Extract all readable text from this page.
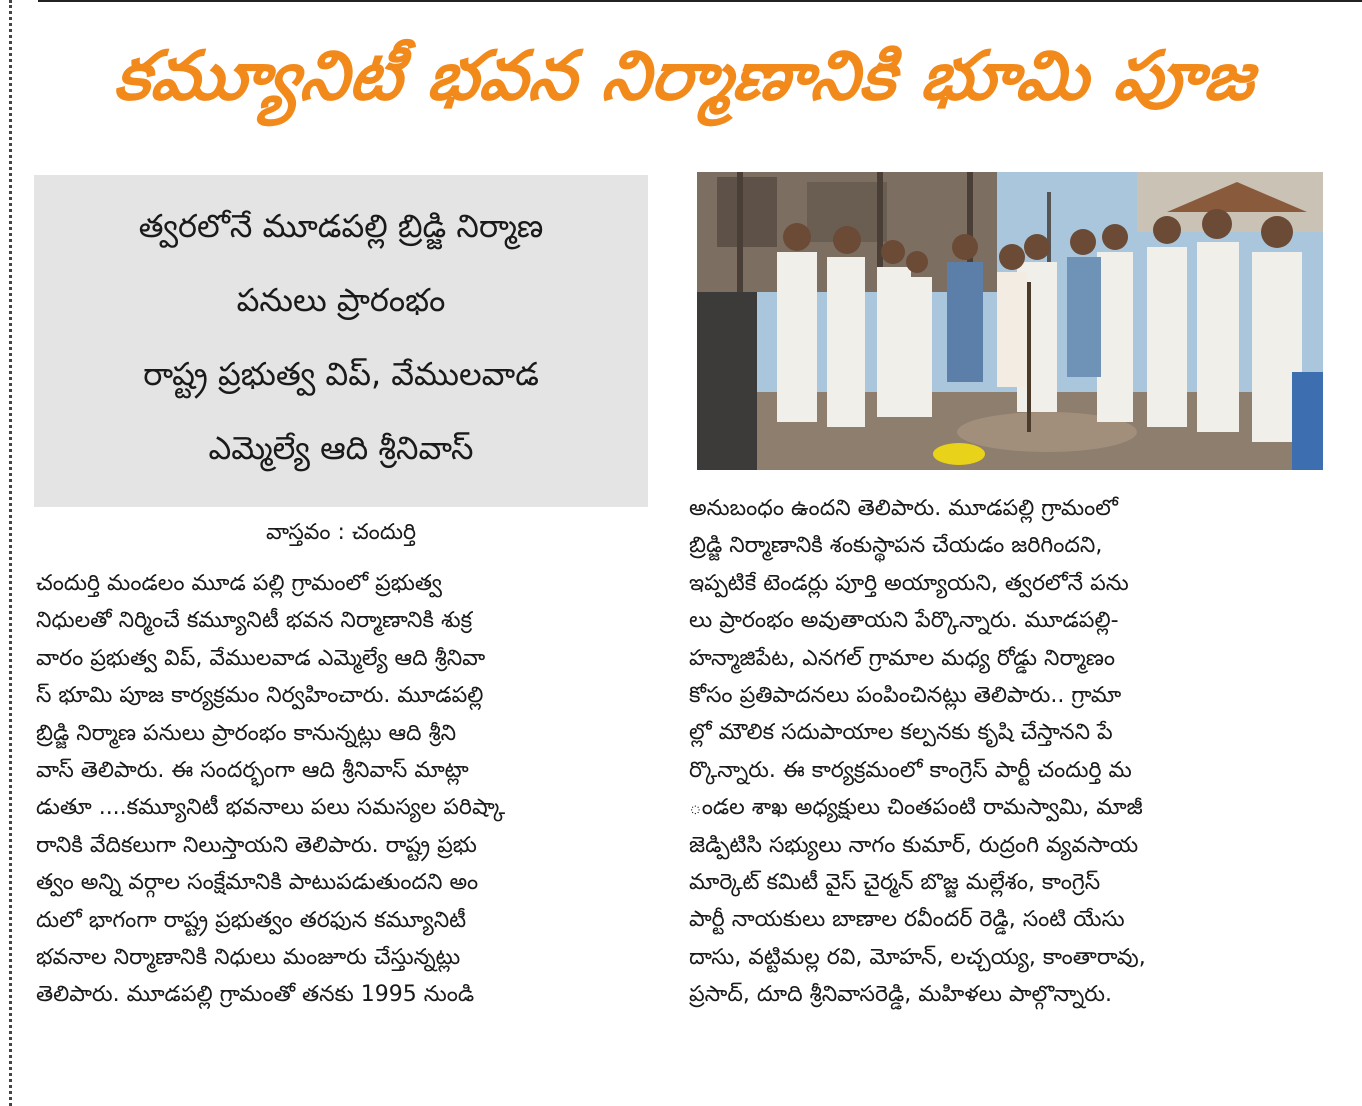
కమ్యూనిటీ భవన నిర్మాణానికి భూమి పూజ
త్వరలోనే మూడపల్లి బ్రిడ్జి నిర్మాణ
పనులు ప్రారంభం
రాష్ట్ర ప్రభుత్వ విప్, వేములవాడ
ఎమ్మెల్యే ఆది శ్రీనివాస్
వాస్తవం : చందుర్తి
చందుర్తి మండలం మూడ పల్లి గ్రామంలో ప్రభుత్వ
నిధులతో నిర్మించే కమ్యూనిటీ భవన నిర్మాణానికి శుక్ర
వారం ప్రభుత్వ విప్, వేములవాడ ఎమ్మెల్యే ఆది శ్రీనివా
స్ భూమి పూజ కార్యక్రమం నిర్వహించారు. మూడపల్లి
బ్రిడ్జి నిర్మాణ పనులు ప్రారంభం కానున్నట్లు ఆది శ్రీని
వాస్ తెలిపారు. ఈ సందర్భంగా ఆది శ్రీనివాస్ మాట్లా
డుతూ ....కమ్యూనిటీ భవనాలు పలు సమస్యల పరిష్కా
రానికి వేదికలుగా నిలుస్తాయని తెలిపారు. రాష్ట్ర ప్రభు
త్వం అన్ని వర్గాల సంక్షేమానికి పాటుపడుతుందని అం
దులో భాగంగా రాష్ట్ర ప్రభుత్వం తరఫున కమ్యూనిటీ
భవనాల నిర్మాణానికి నిధులు మంజూరు చేస్తున్నట్లు
తెలిపారు. మూడపల్లి గ్రామంతో తనకు 1995 నుండి
అనుబంధం ఉందని తెలిపారు. మూడపల్లి గ్రామంలో
బ్రిడ్జి నిర్మాణానికి శంకుస్థాపన చేయడం జరిగిందని,
ఇప్పటికే టెండర్లు పూర్తి అయ్యాయని, త్వరలోనే పను
లు ప్రారంభం అవుతాయని పేర్కొన్నారు. మూడపల్లి-
హన్మాజిపేట, ఎనగల్ గ్రామాల మధ్య రోడ్డు నిర్మాణం
కోసం ప్రతిపాదనలు పంపించినట్లు తెలిపారు.. గ్రామా
ల్లో మౌలిక సదుపాయాల కల్పనకు కృషి చేస్తానని పే
ర్కొన్నారు. ఈ కార్యక్రమంలో కాంగ్రెస్ పార్టీ చందుర్తి మ
ండల శాఖ అధ్యక్షులు చింతపంటి రామస్వామి, మాజీ
జెడ్పిటిసి సభ్యులు నాగం కుమార్, రుద్రంగి వ్యవసాయ
మార్కెట్ కమిటీ వైస్ చైర్మన్ బొజ్జ మల్లేశం, కాంగ్రెస్
పార్టీ నాయకులు బాణాల రవీందర్ రెడ్డి, సంటి యేసు
దాసు, వట్టిమల్ల రవి, మోహన్, లచ్చయ్య, కాంతారావు,
ప్రసాద్, దూది శ్రీనివాసరెడ్డి, మహిళలు పాల్గొన్నారు.
